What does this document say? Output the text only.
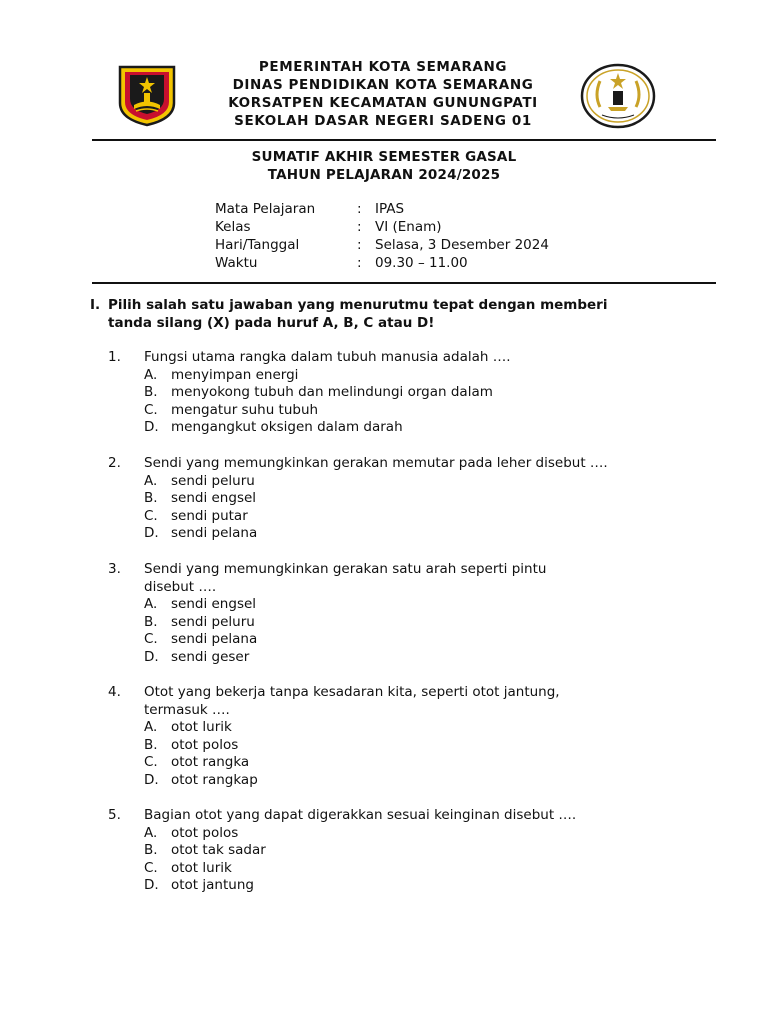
PEMERINTAH KOTA SEMARANG
DINAS PENDIDIKAN KOTA SEMARANG
KORSATPEN KECAMATAN GUNUNGPATI
SEKOLAH DASAR NEGERI SADENG 01
SUMATIF AKHIR SEMESTER GASAL
TAHUN PELAJARAN 2024/2025
Mata Pelajaran	: IPAS
Kelas	: VI (Enam)
Hari/Tanggal	: Selasa, 3 Desember 2024
Waktu	: 09.30 – 11.00
I. Pilih salah satu jawaban yang menurutmu tepat dengan memberi
tanda silang (X) pada huruf A, B, C atau D!
1. Fungsi utama rangka dalam tubuh manusia adalah ….
A. menyimpan energi
B. menyokong tubuh dan melindungi organ dalam
C. mengatur suhu tubuh
D. mengangkut oksigen dalam darah
2. Sendi yang memungkinkan gerakan memutar pada leher disebut ….
A. sendi peluru
B. sendi engsel
C. sendi putar
D. sendi pelana
3. Sendi yang memungkinkan gerakan satu arah seperti pintu
disebut ….
A. sendi engsel
B. sendi peluru
C. sendi pelana
D. sendi geser
4. Otot yang bekerja tanpa kesadaran kita, seperti otot jantung,
termasuk ….
A. otot lurik
B. otot polos
C. otot rangka
D. otot rangkap
5. Bagian otot yang dapat digerakkan sesuai keinginan disebut ….
A. otot polos
B. otot tak sadar
C. otot lurik
D. otot jantung
